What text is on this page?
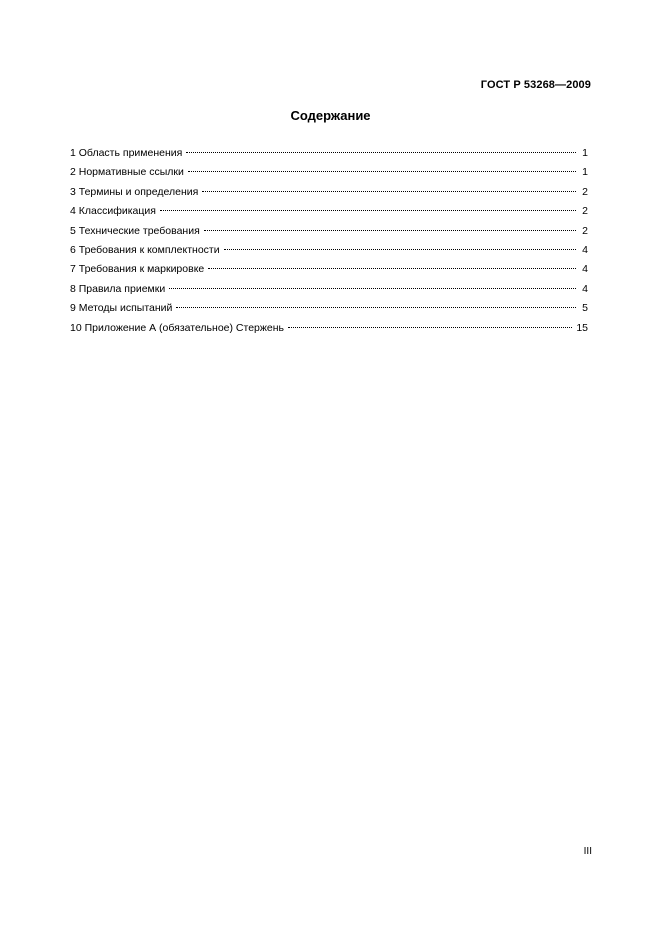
ГОСТ Р 53268—2009
Содержание
1 Область применения	1
2 Нормативные ссылки	1
3 Термины и определения	2
4 Классификация	2
5 Технические требования	2
6 Требования к комплектности	4
7 Требования к маркировке	4
8 Правила приемки	4
9 Методы испытаний	5
10 Приложение А (обязательное) Стержень	15
III
